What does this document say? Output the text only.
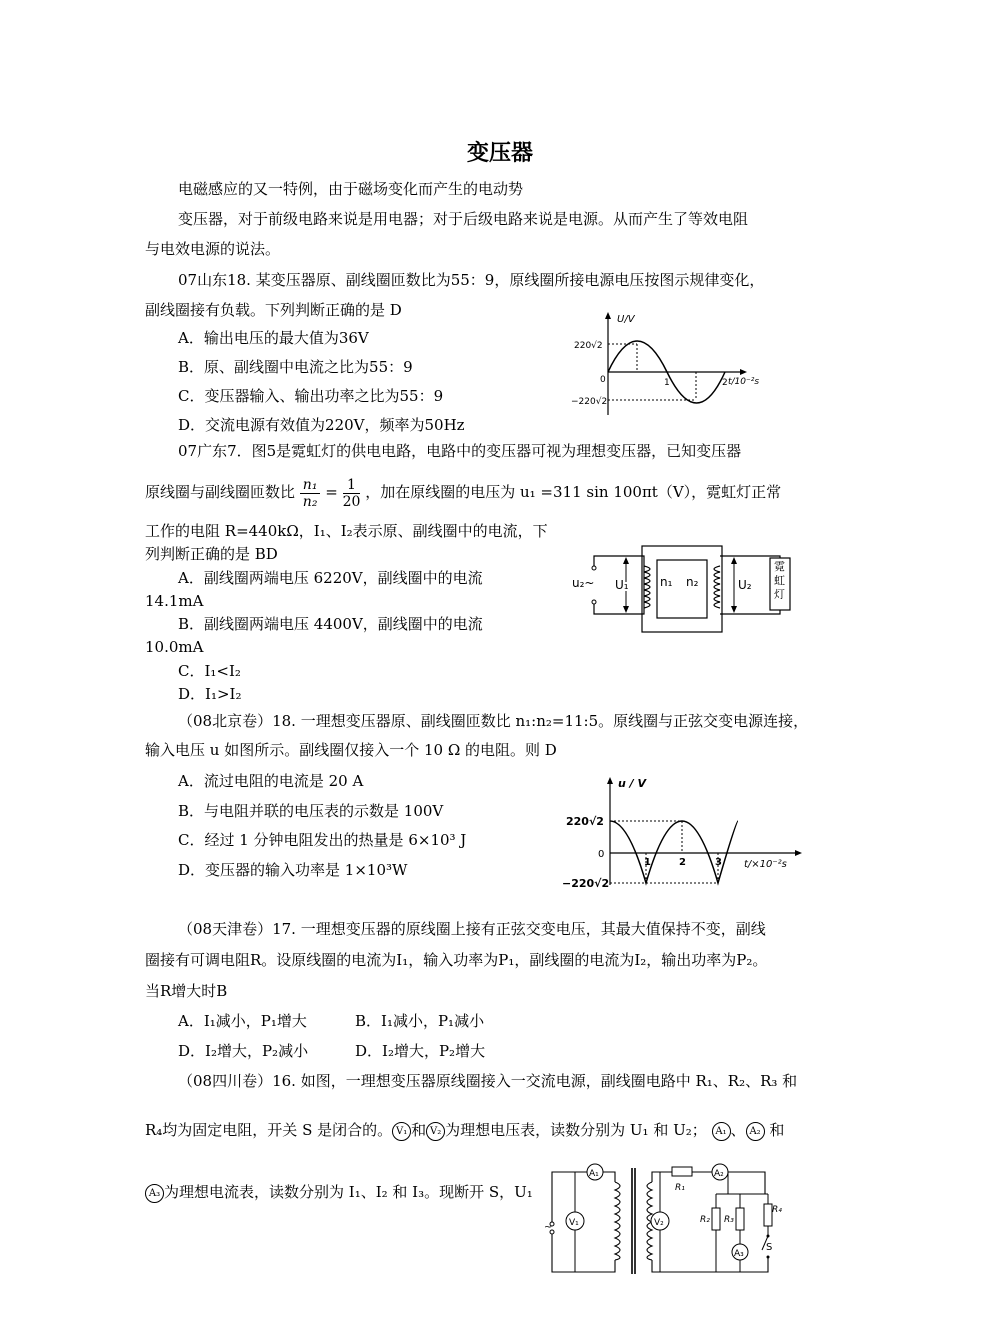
变压器
电磁感应的又一特例，由于磁场变化而产生的电动势
变压器，对于前级电路来说是用电器；对于后级电路来说是电源。从而产生了等效电阻
与电效电源的说法。
07山东18. 某变压器原、副线圈匝数比为55：9，原线圈所接电源电压按图示规律变化，
副线圈接有负载。下列判断正确的是 D
A．输出电压的最大值为36V
B．原、副线圈中电流之比为55：9
C．变压器输入、输出功率之比为55：9
D．交流电源有效值为220V，频率为50Hz
U/V
220√2
−220√2
0	1	2 t/10⁻²s
07广东7．图5是霓虹灯的供电电路，电路中的变压器可视为理想变压器，已知变压器
原线圈与副线圈匝数比 $\frac{\text{n₁}}{\text{n₂}} = \frac{1}{20}$ ，加在原线圈的电压为 u₁ =311 sin 100πt（V），霓虹灯正常
工作的电阻 R=440kΩ，I₁、I₂表示原、副线圈中的电流，下
列判断正确的是 BD
A．副线圈两端电压 6220V，副线圈中的电流
14.1mA
B．副线圈两端电压 4400V，副线圈中的电流
10.0mA
C．I₁<I₂
D．I₁>I₂
u₂~ U₁	n₁ n₂	U₂
霓虹灯
（08北京卷）18. 一理想变压器原、副线圈匝数比 n₁:n₂=11:5。原线圈与正弦交变电源连接，
输入电压 u 如图所示。副线圈仅接入一个 10 Ω 的电阻。则 D
A．流过电阻的电流是 20 A
B．与电阻并联的电压表的示数是 100V
C．经过 1 分钟电阻发出的热量是 6×10³ J
D．变压器的输入功率是 1×10³W
u / V
220√2
−220√2
0
1	2	3 t/×10⁻²s
（08天津卷）17. 一理想变压器的原线圈上接有正弦交变电压，其最大值保持不变，副线
圈接有可调电阻R。设原线圈的电流为I₁，输入功率为P₁，副线圈的电流为I₂，输出功率为P₂。
当R增大时B
A．I₁减小，P₁增大	B．I₁减小，P₁减小
D．I₂增大，P₂减小	D．I₂增大，P₂增大
（08四川卷）16. 如图，一理想变压器原线圈接入一交流电源，副线圈电路中 R₁、R₂、R₃ 和
R₄均为固定电阻，开关 S 是闭合的。 V₁ 和 V₂ 为理想电压表，读数分别为 U₁ 和 U₂； A₁ 、 A₂ 和
A₃ 为理想电流表，读数分别为 I₁、I₂ 和 I₃。现断开 S，U₁
~
A₁
V₁	V₂
R₁
A₂
R₂ R₃
A₃
R₄
S
